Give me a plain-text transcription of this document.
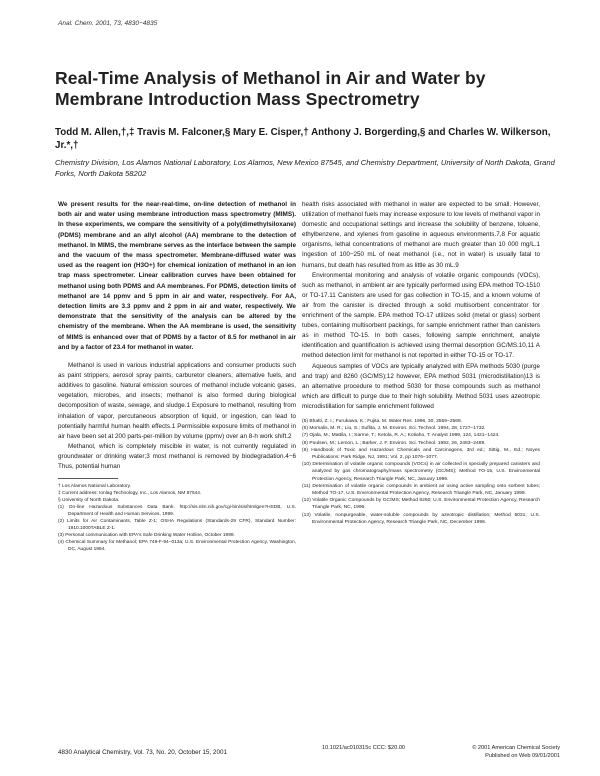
Anal. Chem. 2001, 73, 4830−4835
Real-Time Analysis of Methanol in Air and Water by Membrane Introduction Mass Spectrometry
Todd M. Allen,†,‡ Travis M. Falconer,§ Mary E. Cisper,† Anthony J. Borgerding,§ and Charles W. Wilkerson, Jr.*,†
Chemistry Division, Los Alamos National Laboratory, Los Alamos, New Mexico 87545, and Chemistry Department, University of North Dakota, Grand Forks, North Dakota 58202
We present results for the near-real-time, on-line detection of methanol in both air and water using membrane introduction mass spectrometry (MIMS). In these experiments, we compare the sensitivity of a poly(dimethylsiloxane) (PDMS) membrane and an allyl alcohol (AA) membrane to the detection of methanol. In MIMS, the membrane serves as the interface between the sample and the vacuum of the mass spectrometer. Membrane-diffused water was used as the reagent ion (H3O+) for chemical ionization of methanol in an ion trap mass spectrometer. Linear calibration curves have been obtained for methanol using both PDMS and AA membranes. For PDMS, detection limits of methanol are 14 ppmv and 5 ppm in air and water, respectively. For AA, detection limits are 3.3 ppmv and 2 ppm in air and water, respectively. We demonstrate that the sensitivity of the analysis can be altered by the chemistry of the membrane. When the AA membrane is used, the sensitivity of MIMS is enhanced over that of PDMS by a factor of 8.5 for methanol in air and by a factor of 23.4 for methanol in water.

Methanol is used in various industrial applications and consumer products such as paint strippers, aerosol spray paints, carburetor cleaners, alternative fuels, and additives to gasoline. Natural emission sources of methanol include volcanic gases, vegetation, microbes, and insects; methanol is also formed during biological decomposition of waste, sewage, and sludge.1 Exposure to methanol, resulting from inhalation of vapor, percutaneous absorption of liquid, or ingestion, can lead to potentially harmful human health effects.1 Permissible exposure limits of methanol in air have been set at 200 parts-per-million by volume (ppmv) over an 8-h work shift.2

Methanol, which is completely miscible in water, is not currently regulated in groundwater or drinking water;3 most methanol is removed by biodegradation.4−6 Thus, potential human

† Los Alamos National Laboratory.

‡ Current address: Ionlag Technology, Inc., Los Alamos, NM 87544.

§ University of North Dakota.

(1) On-line Hazardous Substances Data Bank. http://sis.nlm.nih.gov/cgi-bin/sis/htmlgen?HSDB, U.S. Department of Health and Human Services, 1999.

(2) Limits for Air Contaminants, Table Z-1; OSHA Regulations (Standards-29 CFR), Standard Number: 1910.1000TABLE Z-1.

(3) Personal communication with EPA's Safe Drinking Water Hotline, October 1999.

(4) Chemical Summary for Methanol; EPA 749-F-94−013a; U.S. Environmental Protection Agency, Washington, DC, August 1994.

health risks associated with methanol in water are expected to be small. However, utilization of methanol fuels may increase exposure to low levels of methanol vapor in domestic and occupational settings and increase the solubility of benzene, toluene, ethylbenzene, and xylenes from gasoline in aqueous environments.7,8 For aquatic organisms, lethal concentrations of methanol are much greater than 10 000 mg/L.1 Ingestion of 100−250 mL of neat methanol (i.e., not in water) is usually fatal to humans, but death has resulted from as little as 30 mL.9

Environmental monitoring and analysis of volatile organic compounds (VOCs), such as methanol, in ambient air are typically performed using EPA method TO-1510 or TO-17.11 Canisters are used for gas collection in TO-15, and a known volume of air from the canister is directed through a solid multisorbent concentrator for enrichment of the sample. EPA method TO-17 utilizes solid (metal or glass) sorbent tubes, containing multisorbent packings, for sample enrichment rather than canisters as in method TO-15. In both cases, following sample enrichment, analyte identification and quantification is achieved using thermal desorption GC/MS.10,11 A method detection limit for methanol is not reported in either TO-15 or TO-17.

Aqueous samples of VOCs are typically analyzed with EPA methods 5030 (purge and trap) and 8260 (GC/MS);12 however, EPA method 5031 (microdistillation)13 is an alternative procedure to method 5030 for those compounds such as methanol which are difficult to purge due to their high solubility. Method 5031 uses azeotropic microdistillation for sample enrichment followed

(5) Bhatti, Z. I.; Furukawa, K.; Fujita, M. Water Res. 1996, 30, 2559−2568.

(6) Morsalis, M. R.; Liu, S.; Suflita, J. M. Environ. Sci. Technol. 1994, 28, 1727−1732.

(7) Ojala, M.; Mattila, I.; Sarme, T.; Ketola, R. A.; Kotiaho, T. Analyst 1999, 124, 1421−1424.

(8) Poulsen, M.; Lemon, L.; Barker, J. F. Environ. Sci. Technol. 1992, 26, 2483−2489.

(9) Handbook of Toxic and Hazardous Chemicals and Carcinogens, 3rd ed.; Sittig, M., Ed.; Noyes Publications: Park Ridge, NJ, 1991; Vol. 2, pp 1076−1077.

(10) Determination of volatile organic compounds (VOCs) in air collected in specially prepared canisters and analyzed by gas chromatography/mass spectrometry (GC/MS); Method TO-15, U.S. Environmental Protection Agency, Research Triangle Park, NC, January 1999.

(11) Determination of volatile organic compounds in ambient air using active sampling onto sorbent tubes; Method TO-17, U.S. Environmental Protection Agency, Research Triangle Park, NC, January 1999.

(12) Volatile Organic Compounds by GC/MS; Method 8260; U.S. Environmental Protection Agency, Research Triangle Park, NC, 1996.

(13) Volatile, nonpurgeable, water-soluble compounds by azeotropic distillation; Method 5031; U.S. Environmental Protection Agency, Research Triangle Park, NC, December 1996.

4830 Analytical Chemistry, Vol. 73, No. 20, October 15, 2001
10.1021/ac010315c CCC: $20.00	© 2001 American Chemical Society
Published on Web 09/01/2001
